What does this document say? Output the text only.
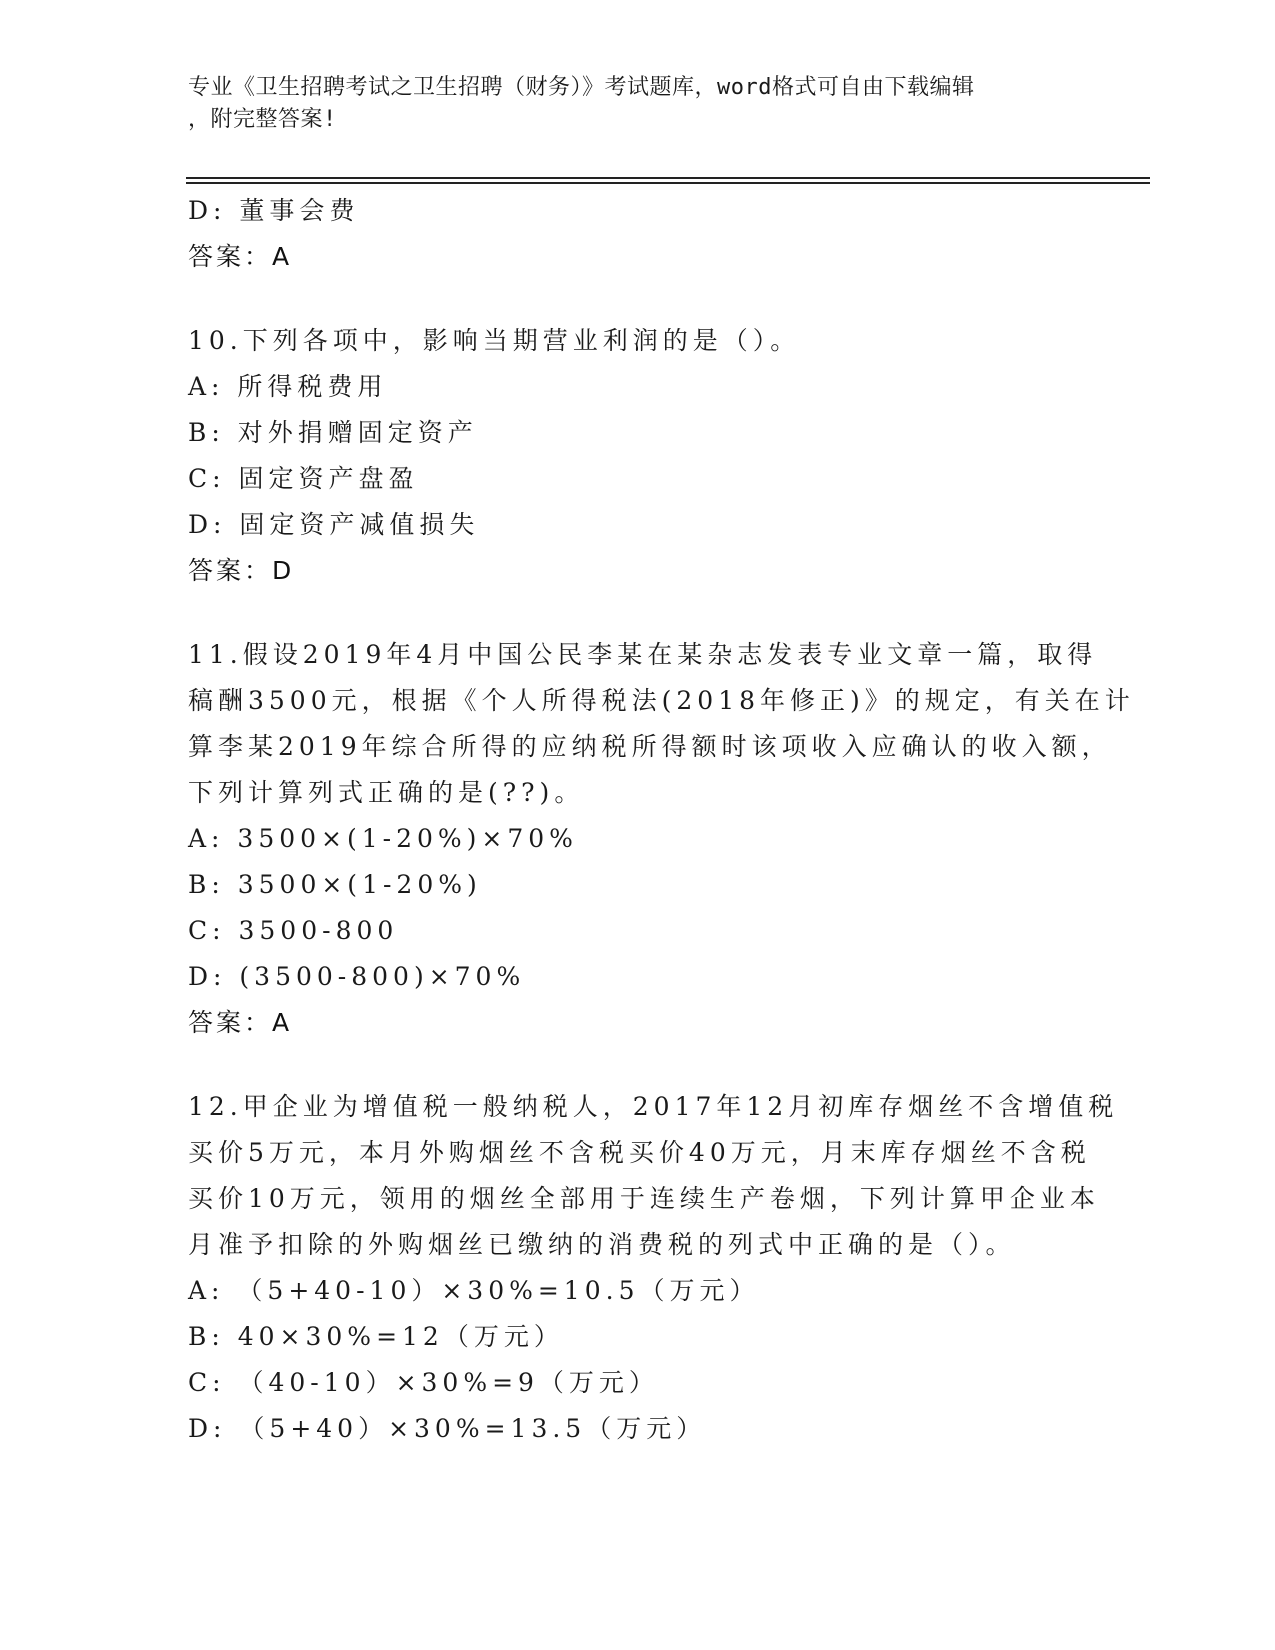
专业《卫生招聘考试之卫生招聘（财务）》考试题库，word格式可自由下载编辑
，附完整答案!
D: 董事会费
答案：A
10.下列各项中，影响当期营业利润的是（）。
A: 所得税费用
B: 对外捐赠固定资产
C: 固定资产盘盈
D: 固定资产减值损失
答案：D
11.假设2019年4月中国公民李某在某杂志发表专业文章一篇，取得
稿酬3500元，根据《个人所得税法(2018年修正)》的规定，有关在计
算李某2019年综合所得的应纳税所得额时该项收入应确认的收入额，
下列计算列式正确的是(??)。
A: 3500×(1-20%)×70%
B: 3500×(1-20%)
C: 3500-800
D: (3500-800)×70%
答案：A
12.甲企业为增值税一般纳税人，2017年12月初库存烟丝不含增值税
买价5万元，本月外购烟丝不含税买价40万元，月末库存烟丝不含税
买价10万元，领用的烟丝全部用于连续生产卷烟，下列计算甲企业本
月准予扣除的外购烟丝已缴纳的消费税的列式中正确的是（）。
A: （5+40-10）×30%=10.5（万元）
B: 40×30%=12（万元）
C: （40-10）×30%=9（万元）
D: （5+40）×30%=13.5（万元）
